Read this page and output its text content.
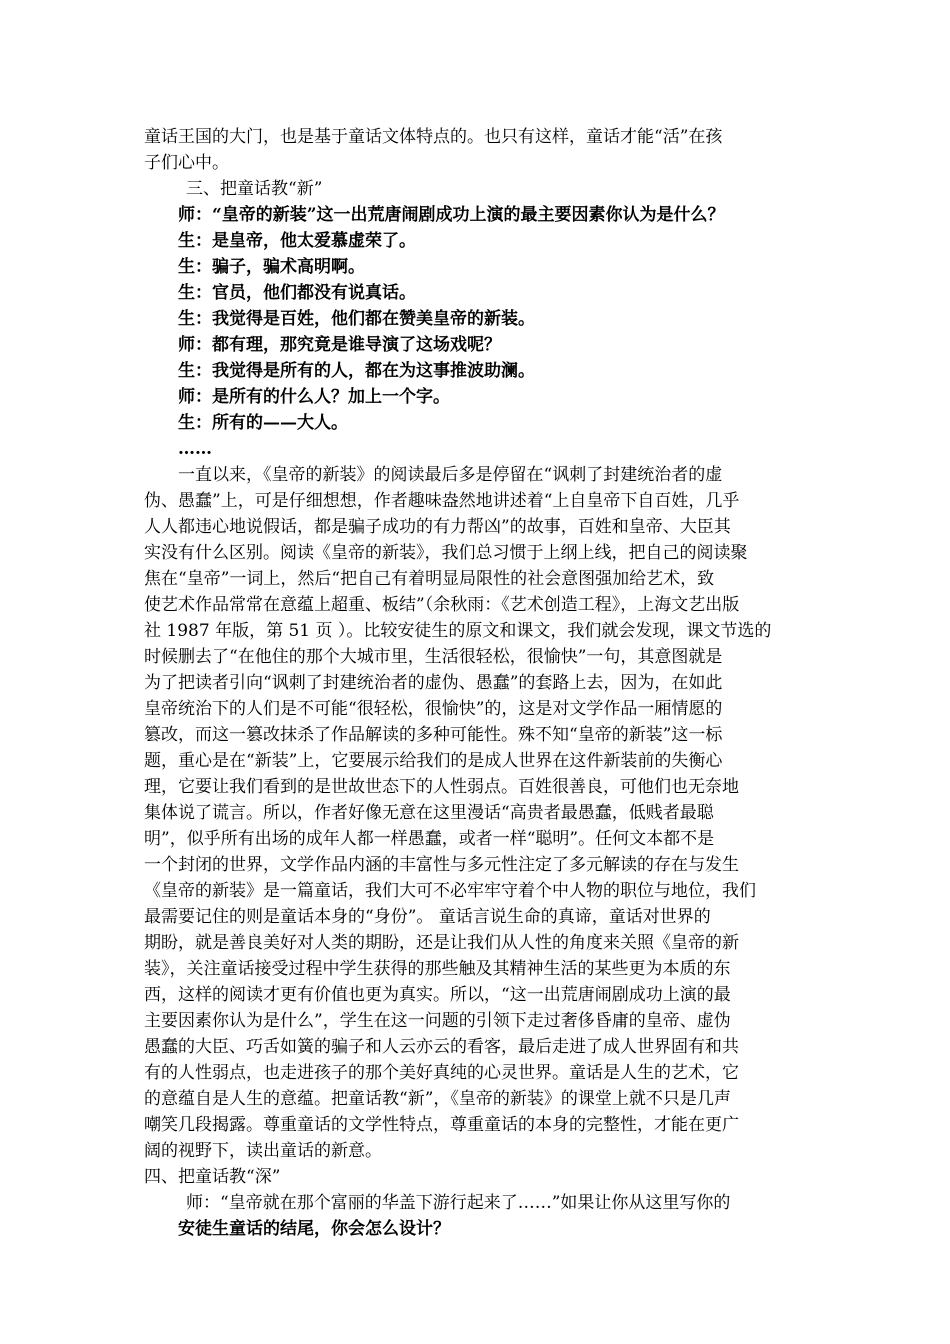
童话王国的大门，也是基于童话文体特点的。也只有这样，童话才能“活”在孩
子们心中。
三、把童话教“新”
师：“皇帝的新装”这一出荒唐闹剧成功上演的最主要因素你认为是什么？
生：是皇帝，他太爱慕虚荣了。
生：骗子，骗术高明啊。
生：官员，他们都没有说真话。
生：我觉得是百姓，他们都在赞美皇帝的新装。
师：都有理，那究竟是谁导演了这场戏呢？
生：我觉得是所有的人，都在为这事推波助澜。
师：是所有的什么人？加上一个字。
生：所有的——大人。
……
一直以来，《皇帝的新装》的阅读最后多是停留在“讽刺了封建统治者的虚
伪、愚蠢”上，可是仔细想想，作者趣味盎然地讲述着“上自皇帝下自百姓，几乎
人人都违心地说假话，都是骗子成功的有力帮凶”的故事，百姓和皇帝、大臣其
实没有什么区别。阅读《皇帝的新装》，我们总习惯于上纲上线，把自己的阅读聚
焦在“皇帝”一词上，然后“把自己有着明显局限性的社会意图强加给艺术，致
使艺术作品常常在意蕴上超重、板结”（余秋雨：《艺术创造工程》，上海文艺出版
社 1987 年版，第 51 页 ）。比较安徒生的原文和课文，我们就会发现，课文节选的
时候删去了“在他住的那个大城市里，生活很轻松，很愉快”一句，其意图就是
为了把读者引向“讽刺了封建统治者的虚伪、愚蠢”的套路上去，因为，在如此
皇帝统治下的人们是不可能“很轻松，很愉快”的，这是对文学作品一厢情愿的
篡改，而这一篡改抹杀了作品解读的多种可能性。殊不知“皇帝的新装”这一标
题，重心是在“新装”上，它要展示给我们的是成人世界在这件新装前的失衡心
理，它要让我们看到的是世故世态下的人性弱点。百姓很善良，可他们也无奈地
集体说了谎言。所以，作者好像无意在这里漫话“高贵者最愚蠢，低贱者最聪
明”，似乎所有出场的成年人都一样愚蠢，或者一样“聪明”。任何文本都不是
一个封闭的世界，文学作品内涵的丰富性与多元性注定了多元解读的存在与发生
《皇帝的新装》是一篇童话，我们大可不必牢牢守着个中人物的职位与地位，我们
最需要记住的则是童话本身的“身份”。 童话言说生命的真谛，童话对世界的
期盼，就是善良美好对人类的期盼，还是让我们从人性的角度来关照《皇帝的新
装》，关注童话接受过程中学生获得的那些触及其精神生活的某些更为本质的东
西，这样的阅读才更有价值也更为真实。所以，“这一出荒唐闹剧成功上演的最
主要因素你认为是什么”，学生在这一问题的引领下走过奢侈昏庸的皇帝、虚伪
愚蠢的大臣、巧舌如簧的骗子和人云亦云的看客，最后走进了成人世界固有和共
有的人性弱点，也走进孩子的那个美好真纯的心灵世界。童话是人生的艺术，它
的意蕴自是人生的意蕴。把童话教“新”，《皇帝的新装》的课堂上就不只是几声
嘲笑几段揭露。尊重童话的文学性特点，尊重童话的本身的完整性，才能在更广
阔的视野下，读出童话的新意。
四、把童话教“深”
师：“皇帝就在那个富丽的华盖下游行起来了……”如果让你从这里写你的
安徒生童话的结尾，你会怎么设计？
